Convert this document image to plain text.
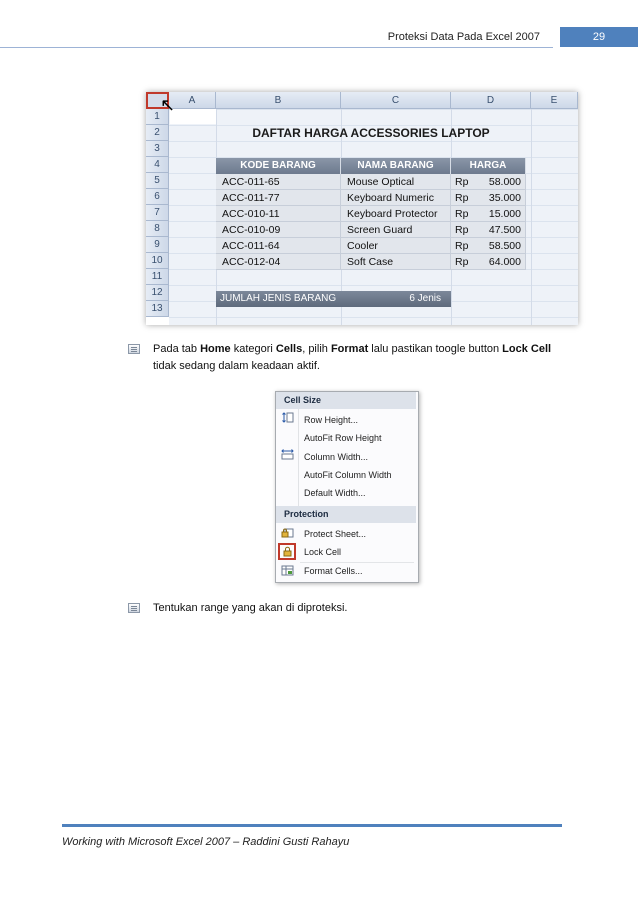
Proteksi Data Pada Excel 2007	29
A	B	C	D	E
1
2
3
4
5
6
7
8
9
10
11
12
13
↖
DAFTAR HARGA ACCESSORIES LAPTOP
KODE BARANG	NAMA BARANG	HARGA
ACC-011-65	Mouse Optical	Rp 58.000
ACC-011-77	Keyboard Numeric	Rp 35.000
ACC-010-11	Keyboard Protector	Rp 15.000
ACC-010-09	Screen Guard	Rp 47.500
ACC-011-64	Cooler	Rp 58.500
ACC-012-04	Soft Case	Rp 64.000
JUMLAH JENIS BARANG	6 Jenis
Pada tab Home kategori Cells, pilih Format lalu pastikan toogle button Lock Cell
tidak sedang dalam keadaan aktif.
Cell Size
Row Height...
AutoFit Row Height
Column Width...
AutoFit Column Width
Default Width...
Protection
Protect Sheet...
Lock Cell
Format Cells...
Tentukan range yang akan di diproteksi.
Working with Microsoft Excel 2007 – Raddini Gusti Rahayu
